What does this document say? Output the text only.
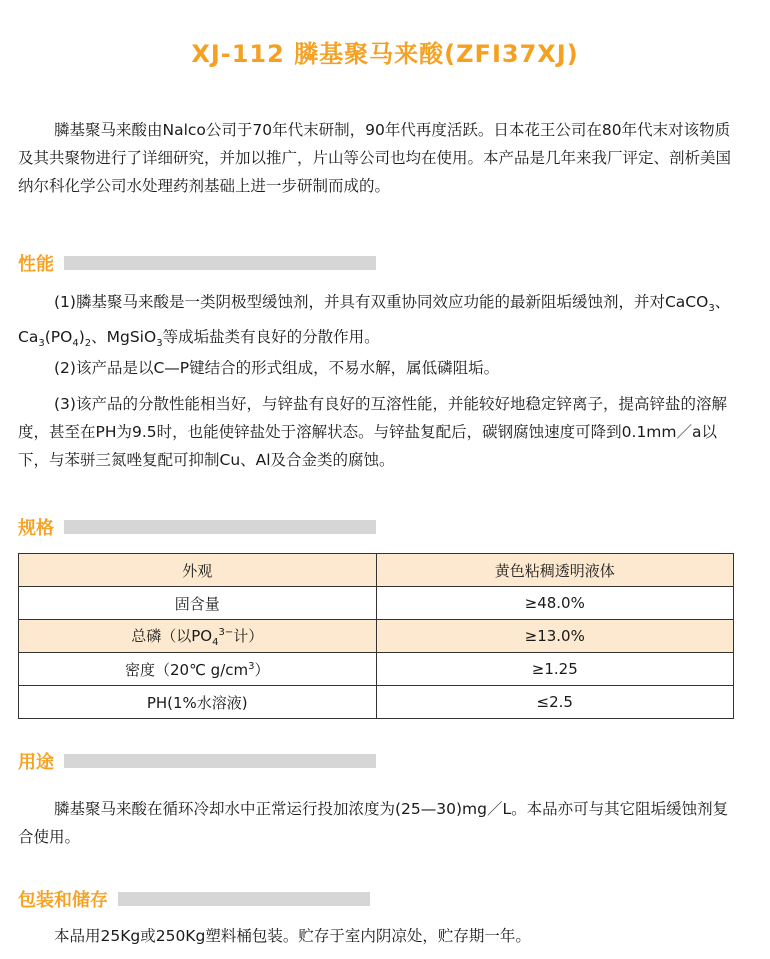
XJ-112 膦基聚马来酸(ZFI37XJ)

膦基聚马来酸由Nalco公司于70年代末研制，90年代再度活跃。日本花王公司在80年代末对该物质及其共聚物进行了详细研究，并加以推广，片山等公司也均在使用。本产品是几年来我厂评定、剖析美国纳尔科化学公司水处理药剂基础上进一步研制而成的。

性能

(1)膦基聚马来酸是一类阴极型缓蚀剂，并具有双重协同效应功能的最新阻垢缓蚀剂，并对CaCO$_3$、$Ca_3(PO_4)_2$、MgSiO$_3$等成垢盐类有良好的分散作用。

(2)该产品是以C—P键结合的形式组成，不易水解，属低磷阻垢。

(3)该产品的分散性能相当好，与锌盐有良好的互溶性能，并能较好地稳定锌离子，提高锌盐的溶解度，甚至在PH为9.5时，也能使锌盐处于溶解状态。与锌盐复配后，碳钢腐蚀速度可降到0.1mm／a以下，与苯骈三氮唑复配可抑制Cu、Al及合金类的腐蚀。

规格
外观	黄色粘稠透明液体
固含量	≥48.0%
总磷（以$PO_4^{3-}$计）	≥13.0%
密度（20℃ $g/cm^3$）	≥1.25
PH(1%水溶液)	≤2.5
用途

膦基聚马来酸在循环冷却水中正常运行投加浓度为(25—30)mg／L。本品亦可与其它阻垢缓蚀剂复合使用。

包装和储存

本品用25Kg或250Kg塑料桶包装。贮存于室内阴凉处，贮存期一年。
